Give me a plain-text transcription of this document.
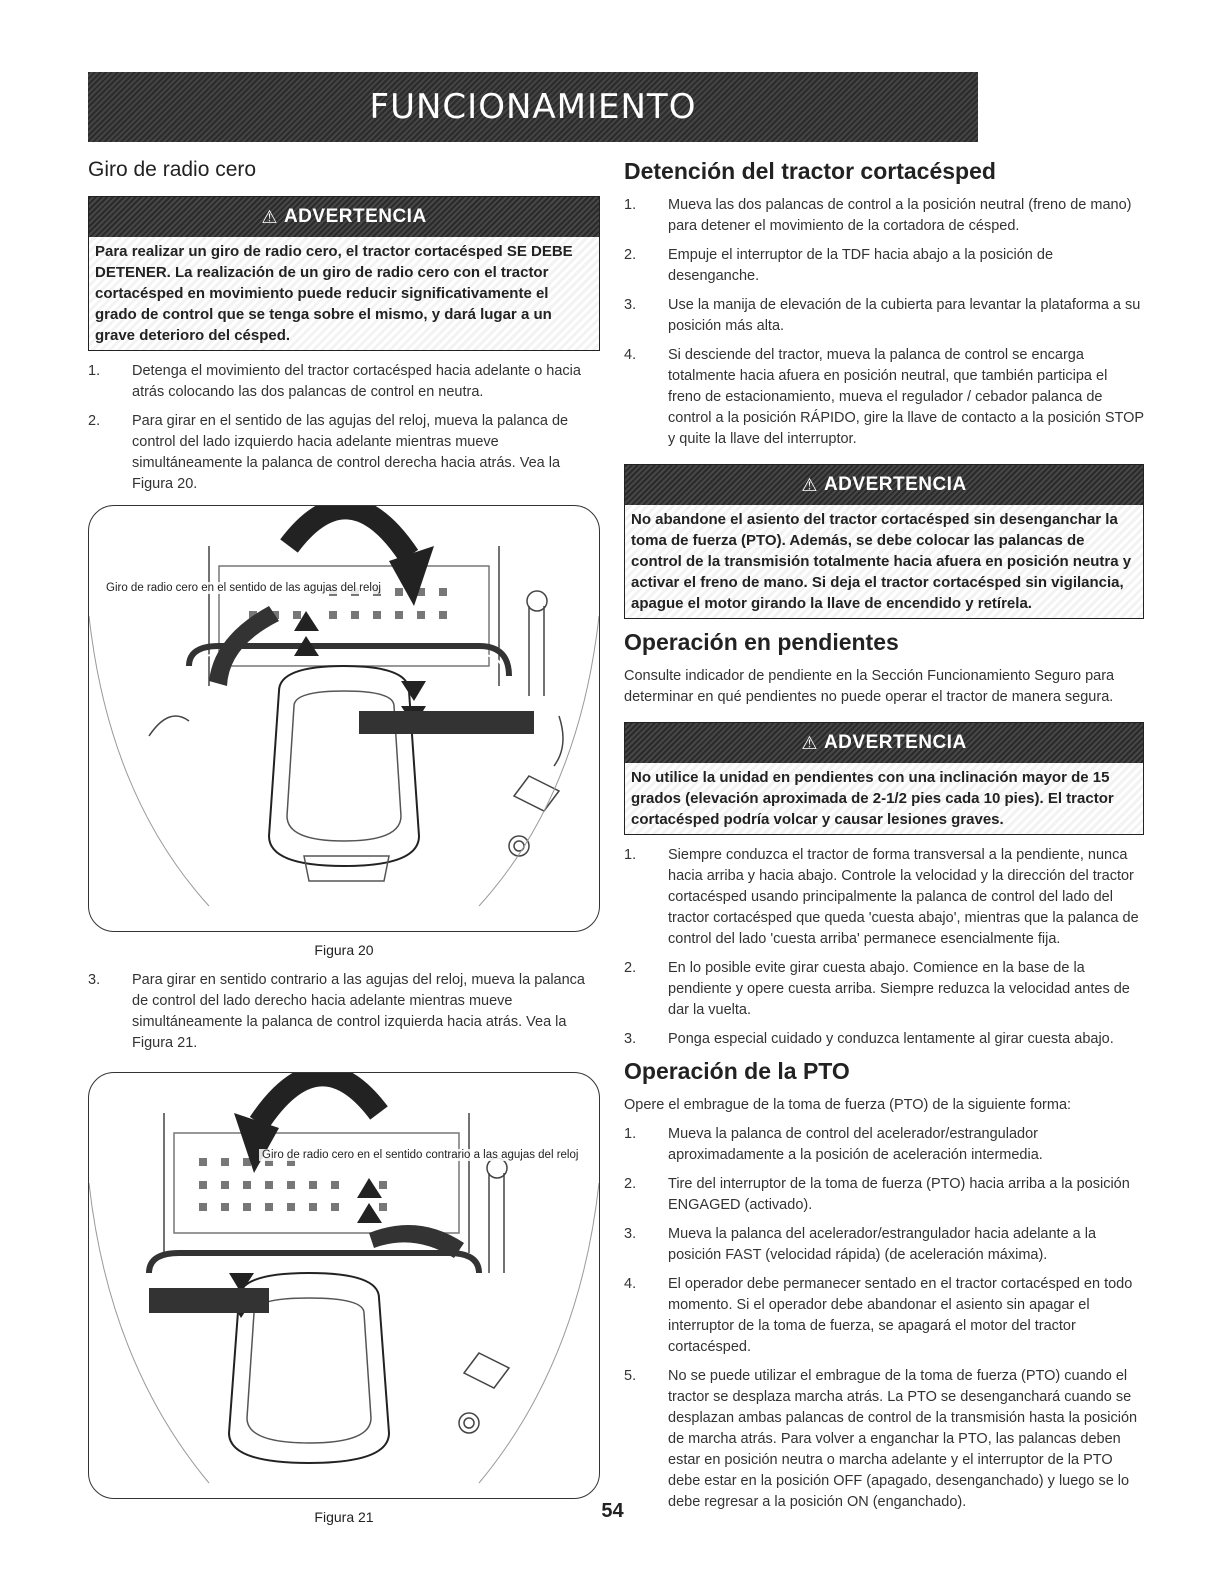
FUNCIONAMIENTO
Giro de radio cero
⚠ ADVERTENCIA
Para realizar un giro de radio cero, el tractor cortacésped SE DEBE DETENER. La realización de un giro de radio cero con el tractor cortacésped en movimiento puede reducir significativamente el grado de control que se tenga sobre el mismo, y dará lugar a un grave deterioro del césped.
1.	Detenga el movimiento del tractor cortacésped hacia adelante o hacia atrás colocando las dos palancas de control en neutra.
2.	Para girar en el sentido de las agujas del reloj, mueva la palanca de control del lado izquierdo hacia adelante mientras mueve simultáneamente la palanca de control derecha hacia atrás. Vea la Figura 20.
Giro de radio cero en el sentido de las agujas del reloj
Figura 20
3.	Para girar en sentido contrario a las agujas del reloj, mueva la palanca de control del lado derecho hacia adelante mientras mueve simultáneamente la palanca de control izquierda hacia atrás. Vea la Figura 21.
Giro de radio cero en el sentido contrario a las agujas del reloj
Figura 21
Detención del tractor cortacésped
1.	Mueva las dos palancas de control a la posición neutral (freno de mano) para detener el movimiento de la cortadora de césped.
2.	Empuje el interruptor de la TDF hacia abajo a la posición de desenganche.
3.	Use la manija de elevación de la cubierta para levantar la plataforma a su posición más alta.
4.	Si desciende del tractor, mueva la palanca de control se encarga totalmente hacia afuera en posición neutral, que también participa el freno de estacionamiento, mueva el regulador / cebador palanca de control a la posición RÁPIDO, gire la llave de contacto a la posición STOP y quite la llave del interruptor.
⚠ ADVERTENCIA
No abandone el asiento del tractor cortacésped sin desenganchar la toma de fuerza (PTO). Además, se debe colocar las palancas de control de la transmisión totalmente hacia afuera en posición neutra y activar el freno de mano. Si deja el tractor cortacésped sin vigilancia, apague el motor girando la llave de encendido y retírela.
Operación en pendientes

Consulte indicador de pendiente en la Sección Funcionamiento Seguro para determinar en qué pendientes no puede operar el tractor de manera segura.

⚠ ADVERTENCIA
No utilice la unidad en pendientes con una inclinación mayor de 15 grados (elevación aproximada de 2-1/2 pies cada 10 pies). El tractor cortacésped podría volcar y causar lesiones graves.
1.	Siempre conduzca el tractor de forma transversal a la pendiente, nunca hacia arriba y hacia abajo. Controle la velocidad y la dirección del tractor cortacésped usando principalmente la palanca de control del lado del tractor cortacésped que queda 'cuesta abajo', mientras que la palanca de control del lado 'cuesta arriba' permanece esencialmente fija.
2.	En lo posible evite girar cuesta abajo. Comience en la base de la pendiente y opere cuesta arriba. Siempre reduzca la velocidad antes de dar la vuelta.
3.	Ponga especial cuidado y conduzca lentamente al girar cuesta abajo.
Operación de la PTO

Opere el embrague de la toma de fuerza (PTO) de la siguiente forma:

1.	Mueva la palanca de control del acelerador/estrangulador aproximadamente a la posición de aceleración intermedia.
2.	Tire del interruptor de la toma de fuerza (PTO) hacia arriba a la posición ENGAGED (activado).
3.	Mueva la palanca del acelerador/estrangulador hacia adelante a la posición FAST (velocidad rápida) (de aceleración máxima).
4.	El operador debe permanecer sentado en el tractor cortacésped en todo momento. Si el operador debe abandonar el asiento sin apagar el interruptor de la toma de fuerza, se apagará el motor del tractor cortacésped.
5.	No se puede utilizar el embrague de la toma de fuerza (PTO) cuando el tractor se desplaza marcha atrás. La PTO se desenganchará cuando se desplazan ambas palancas de control de la transmisión hasta la posición de marcha atrás. Para volver a enganchar la PTO, las palancas deben estar en posición neutra o marcha adelante y el interruptor de la PTO debe estar en la posición OFF (apagado, desenganchado) y luego se lo debe regresar a la posición ON (enganchado).
54
